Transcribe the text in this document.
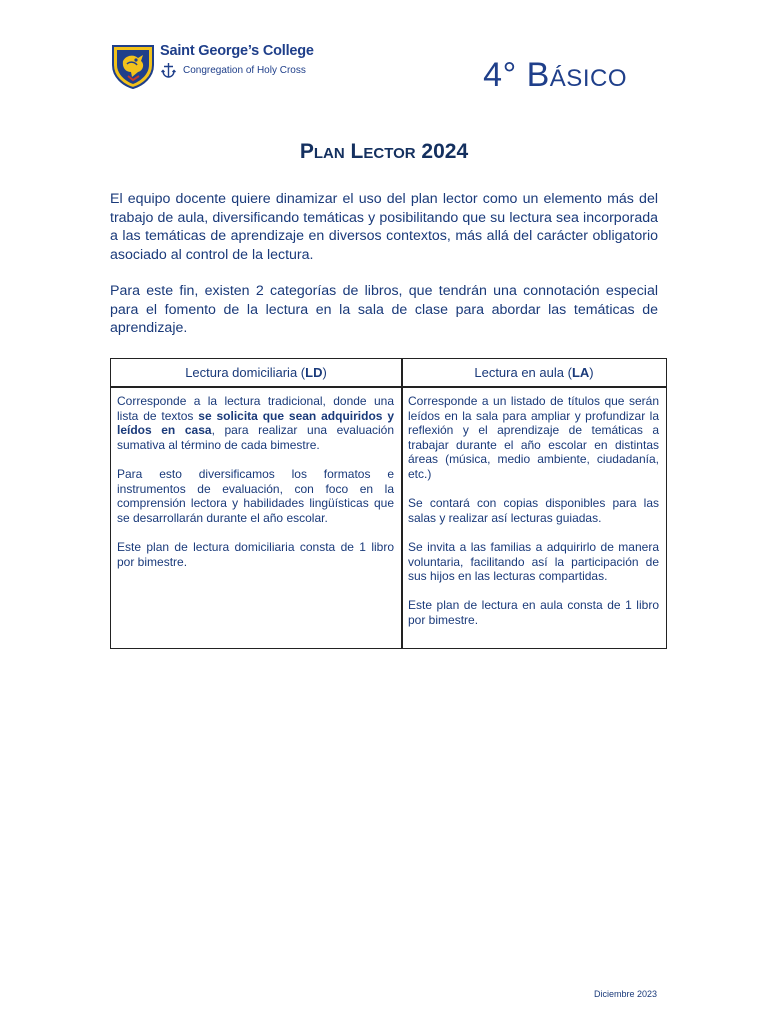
Saint George’s College
Congregation of Holy Cross	4° Básico
Plan Lector 2024

El equipo docente quiere dinamizar el uso del plan lector como un elemento más del trabajo de aula, diversificando temáticas y posibilitando que su lectura sea incorporada a las temáticas de aprendizaje en diversos contextos, más allá del carácter obligatorio asociado al control de la lectura.

Para este fin, existen 2 categorías de libros, que tendrán una connotación especial para el fomento de la lectura en la sala de clase para abordar las temáticas de aprendizaje.

Lectura domiciliaria ( LD )	Lectura en aula ( LA )

Corresponde a la lectura tradicional, donde una lista de textos se solicita que sean adquiridos y leídos en casa, para realizar una evaluación sumativa al término de cada bimestre.

Para esto diversificamos los formatos e instrumentos de evaluación, con foco en la comprensión lectora y habilidades lingüísticas que se desarrollarán durante el año escolar.

Este plan de lectura domiciliaria consta de 1 libro por bimestre.

Corresponde a un listado de títulos que serán leídos en la sala para ampliar y profundizar la reflexión y el aprendizaje de temáticas a trabajar durante el año escolar en distintas áreas (música, medio ambiente, ciudadanía, etc.)

Se contará con copias disponibles para las salas y realizar así lecturas guiadas.

Se invita a las familias a adquirirlo de manera voluntaria, facilitando así la participación de sus hijos en las lecturas compartidas.

Este plan de lectura en aula consta de 1 libro por bimestre.

Diciembre 2023
